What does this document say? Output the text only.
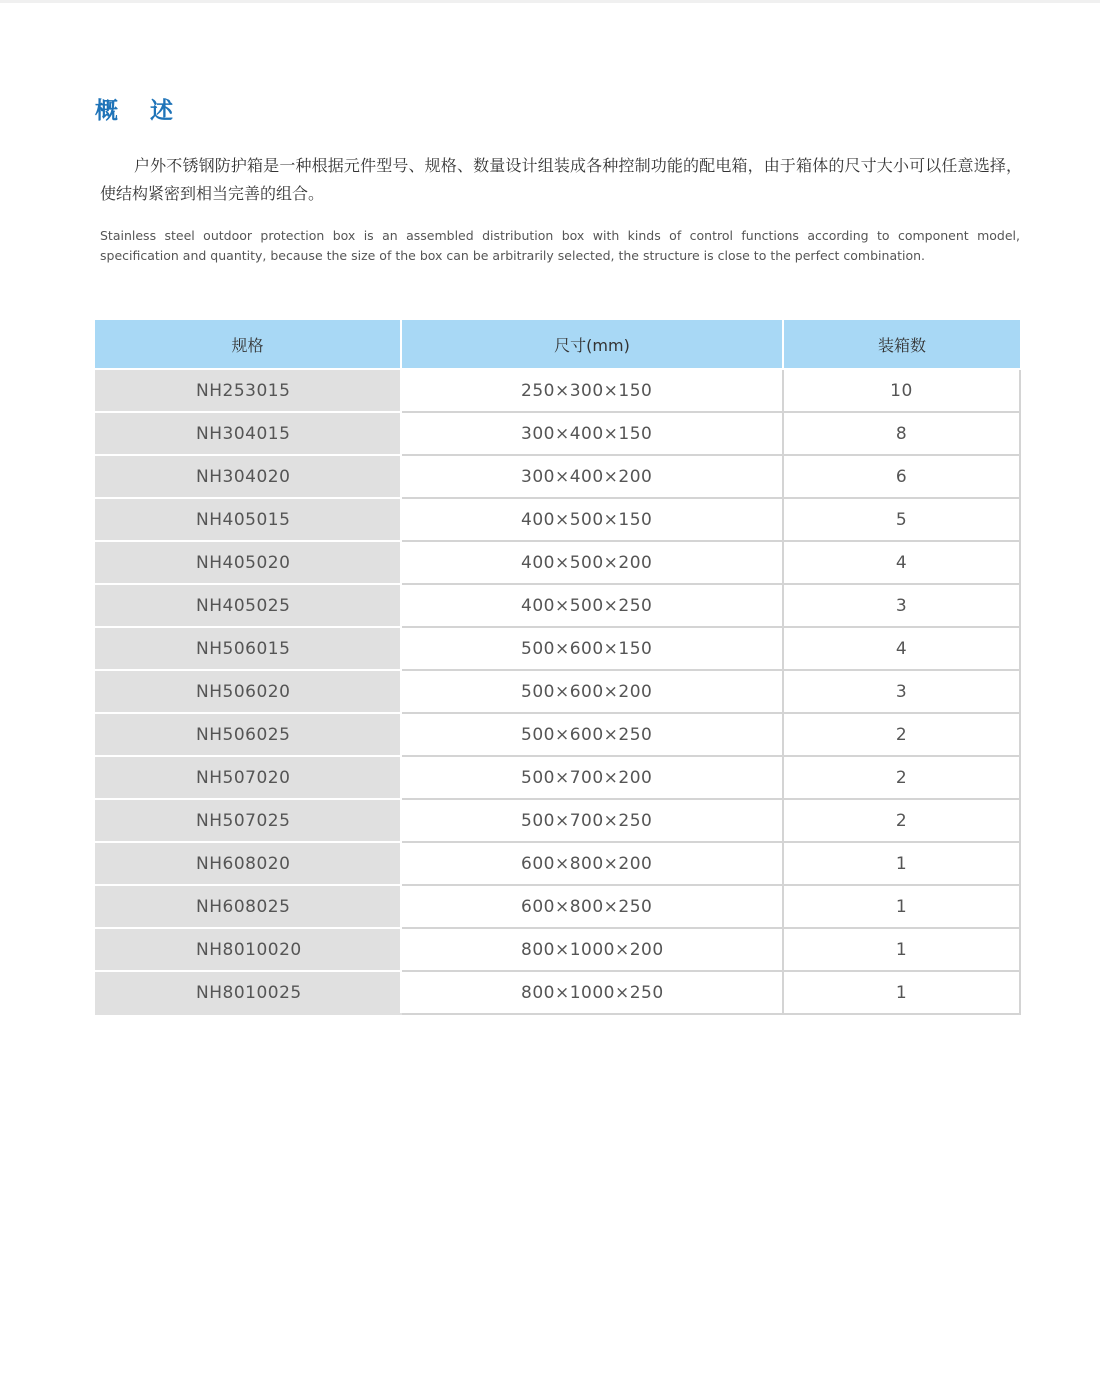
概 述

户外不锈钢防护箱是一种根据元件型号、规格、数量设计组装成各种控制功能的配电箱，由于箱体的尺寸大小可以任意选择，使结构紧密到相当完善的组合。

Stainless steel outdoor protection box is an assembled distribution box with kinds of control functions according to component model, specification and quantity, because the size of the box can be arbitrarily selected, the structure is close to the perfect combination.

规格	尺寸(mm)	装箱数
NH253015	250×300×150	10
NH304015	300×400×150	8
NH304020	300×400×200	6
NH405015	400×500×150	5
NH405020	400×500×200	4
NH405025	400×500×250	3
NH506015	500×600×150	4
NH506020	500×600×200	3
NH506025	500×600×250	2
NH507020	500×700×200	2
NH507025	500×700×250	2
NH608020	600×800×200	1
NH608025	600×800×250	1
NH8010020	800×1000×200	1
NH8010025	800×1000×250	1
